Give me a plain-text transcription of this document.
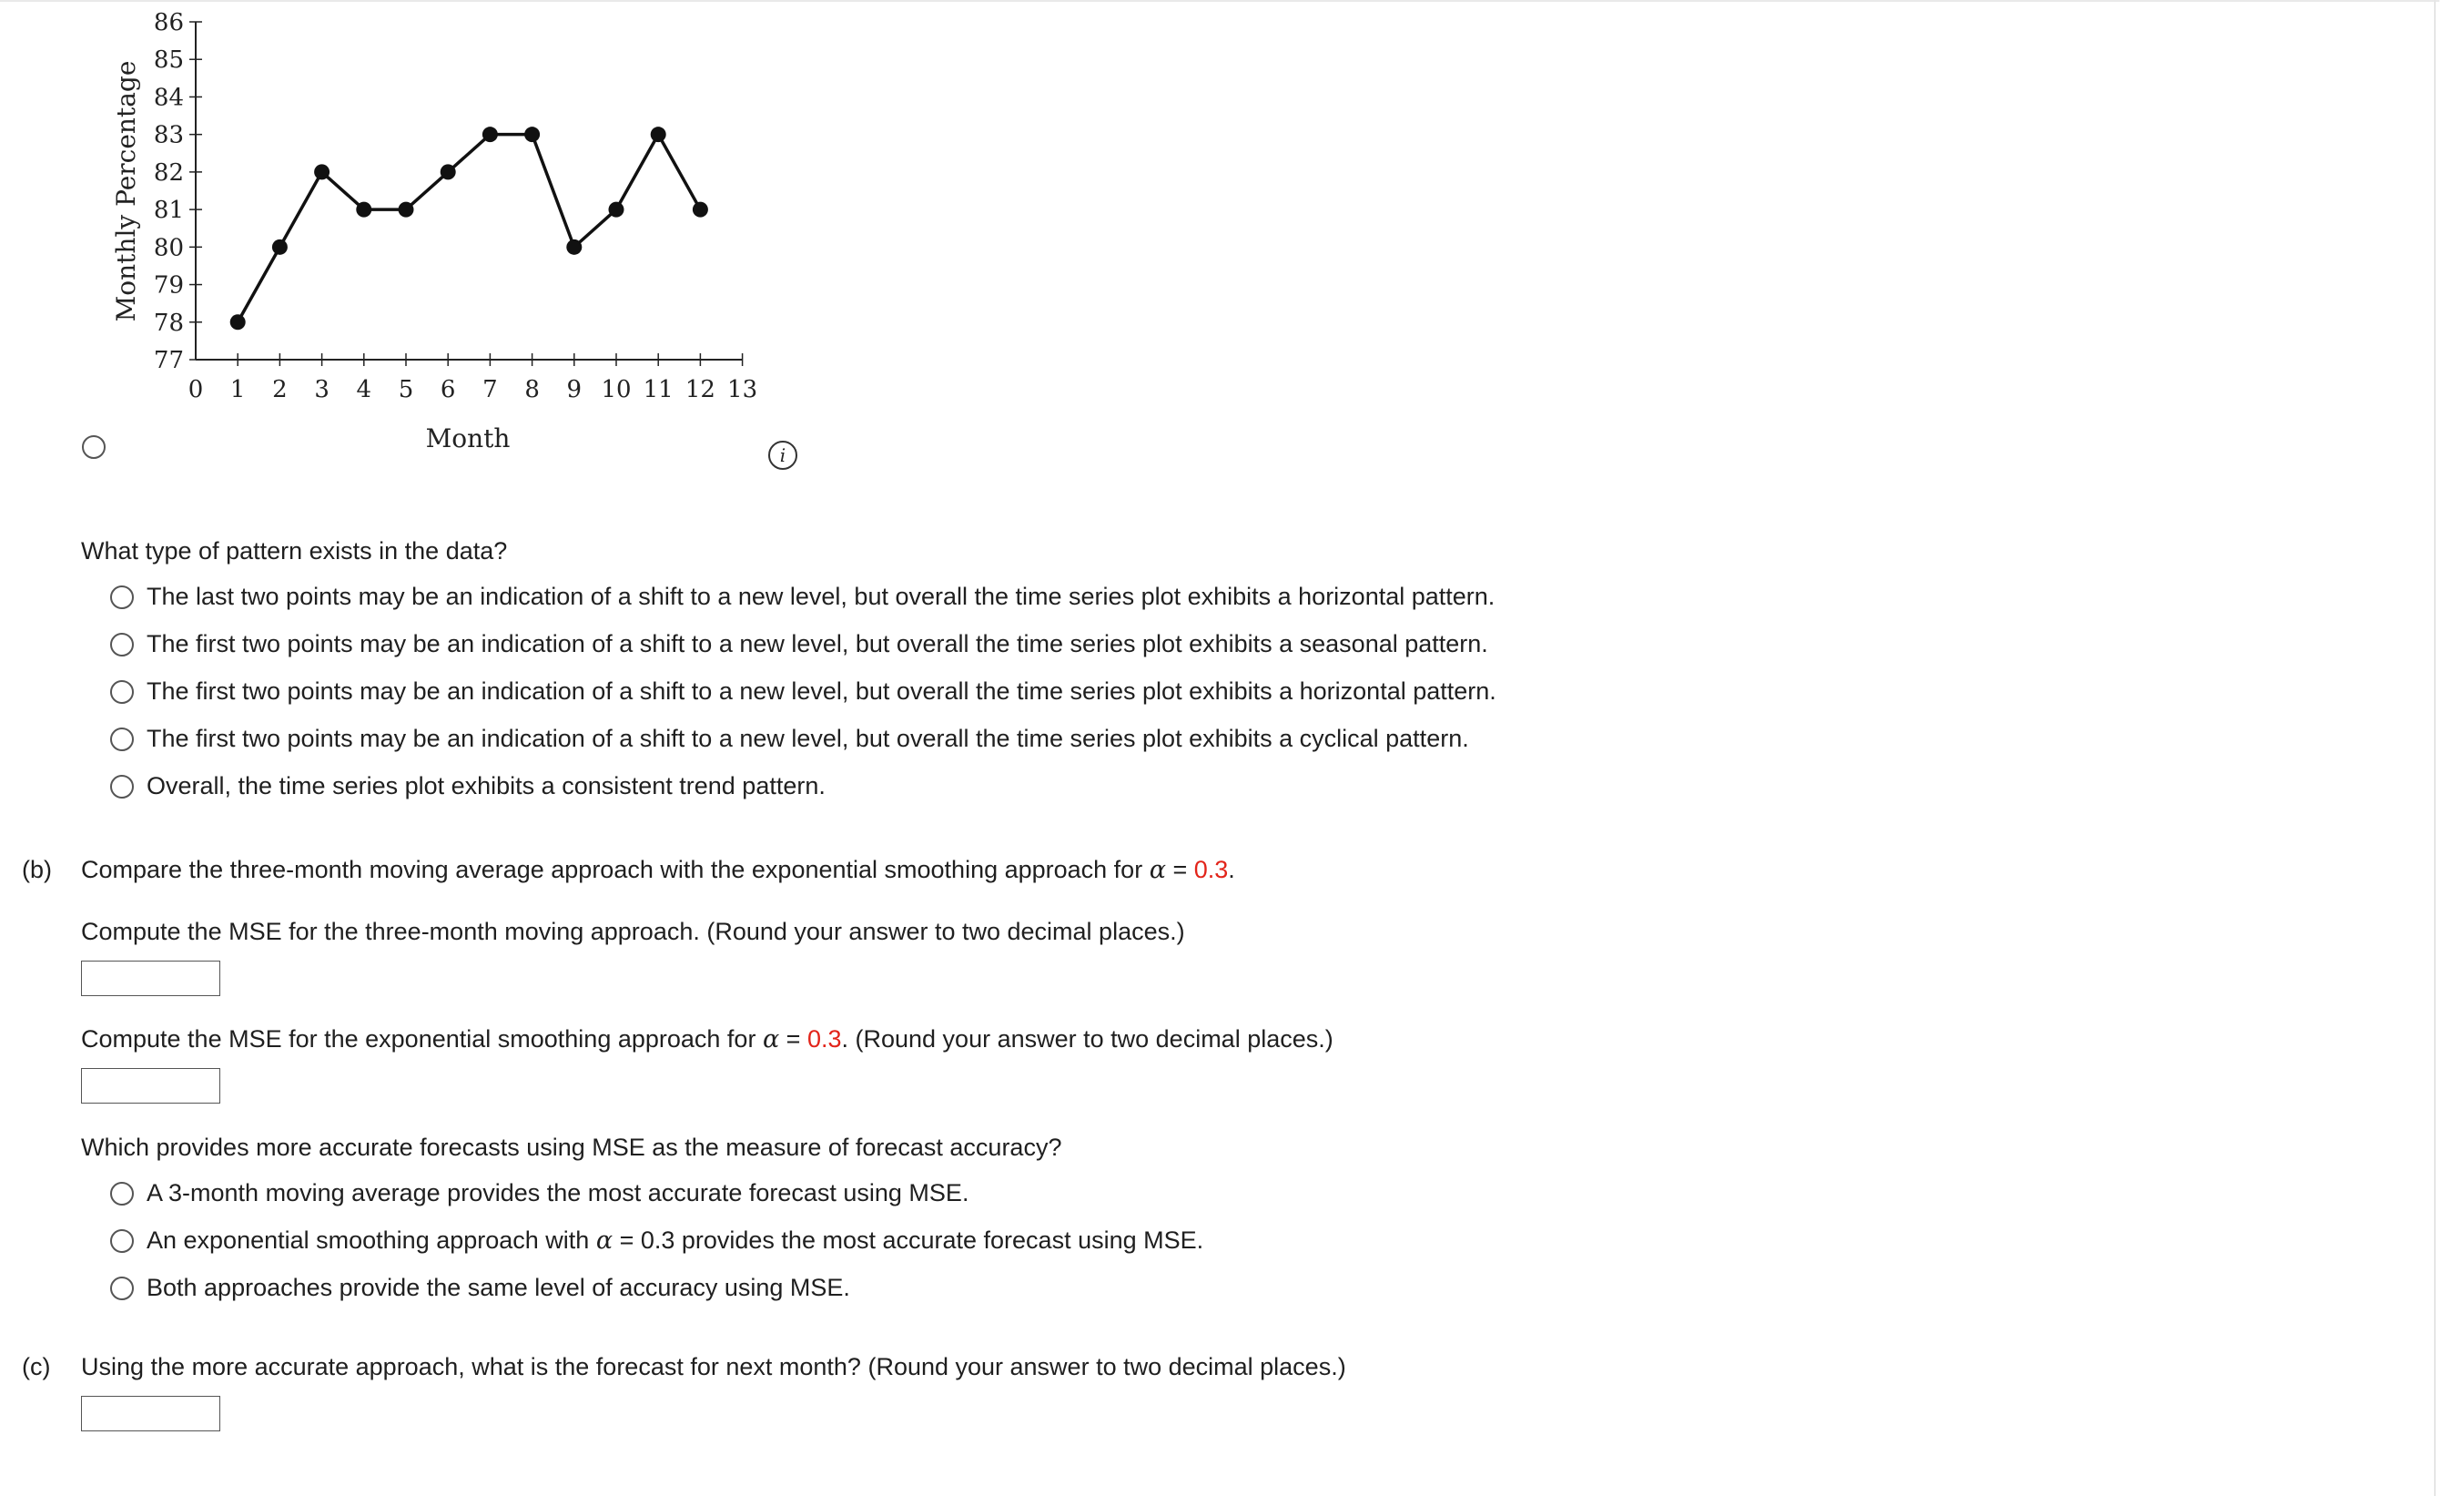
77
78
79
80
81
82
83
84
85
86
0 1 2 3 4 5 6 7 8 9 10 11 12 13
Monthly Percentage
Month
i
What type of pattern exists in the data?
The last two points may be an indication of a shift to a new level, but overall the time series plot exhibits a horizontal pattern.
The first two points may be an indication of a shift to a new level, but overall the time series plot exhibits a seasonal pattern.
The first two points may be an indication of a shift to a new level, but overall the time series plot exhibits a horizontal pattern.
The first two points may be an indication of a shift to a new level, but overall the time series plot exhibits a cyclical pattern.
Overall, the time series plot exhibits a consistent trend pattern.
(b) Compare the three-month moving average approach with the exponential smoothing approach for α = 0.3.
Compute the MSE for the three-month moving approach. (Round your answer to two decimal places.)
Compute the MSE for the exponential smoothing approach for α = 0.3. (Round your answer to two decimal places.)
Which provides more accurate forecasts using MSE as the measure of forecast accuracy?
A 3-month moving average provides the most accurate forecast using MSE.
An exponential smoothing approach with α = 0.3 provides the most accurate forecast using MSE.
Both approaches provide the same level of accuracy using MSE.
(c) Using the more accurate approach, what is the forecast for next month? (Round your answer to two decimal places.)
